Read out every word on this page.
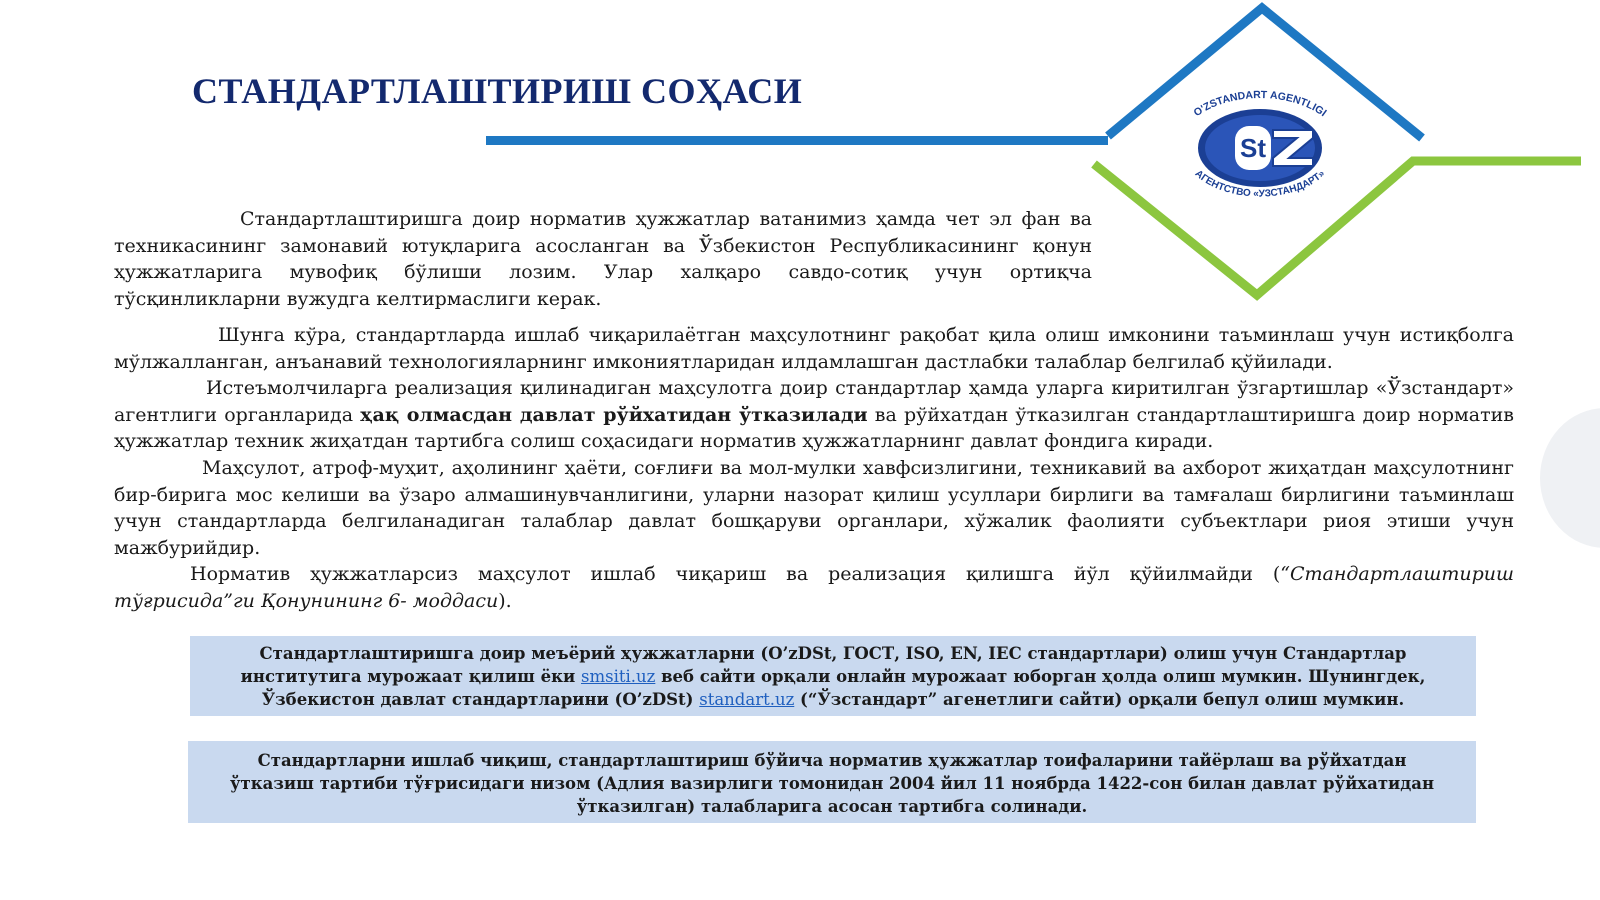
СТАНДАРТЛАШТИРИШ СОҲАСИ
St
O'ZSTANDART AGENTLIGI
АГЕНТСТВО «УЗСТАНДАРТ»

Стандартлаштиришга доир норматив ҳужжатлар ватанимиз ҳамда чет эл фан ва техникасининг замонавий ютуқларига асосланган ва Ўзбекистон Республикасининг қонун ҳужжатларига мувофиқ бўлиши лозим. Улар халқаро савдо-сотиқ учун ортиқча тўсқинликларни вужудга келтирмаслиги керак.

Шунга кўра, стандартларда ишлаб чиқарилаётган маҳсулотнинг рақобат қила олиш имконини таъминлаш учун истиқболга мўлжалланган, анъанавий технологияларнинг имкониятларидан илдамлашган дастлабки талаблар белгилаб қўйилади.
Истеъмолчиларга реализация қилинадиган маҳсулотга доир стандартлар ҳамда уларга киритилган ўзгартишлар «Ўзстандарт» агентлиги органларида ҳақ олмасдан давлат рўйхатидан ўтказилади ва рўйхатдан ўтказилган стандартлаштиришга доир норматив ҳужжатлар техник жиҳатдан тартибга солиш соҳасидаги норматив ҳужжатларнинг давлат фондига киради.
Маҳсулот, атроф-муҳит, аҳолининг ҳаёти, соғлиғи ва мол-мулки хавфсизлигини, техникавий ва ахборот жиҳатдан маҳсулотнинг бир-бирига мос келиши ва ўзаро алмашинувчанлигини, уларни назорат қилиш усуллари бирлиги ва тамғалаш бирлигини таъминлаш учун стандартларда белгиланадиган талаблар давлат бошқаруви органлари, хўжалик фаолияти субъектлари риоя этиши учун мажбурийдир.
Норматив ҳужжатларсиз маҳсулот ишлаб чиқариш ва реализация қилишга йўл қўйилмайди (“Стандартлаштириш тўғрисида”ги Қонунининг 6- моддаси).
Стандартлаштиришга доир меъёрий ҳужжатларни (O’zDSt, ГОСТ, ISO, EN, IEC стандартлари) олиш учун Стандартлар институтига мурожаат қилиш ёки smsiti.uz веб сайти орқали онлайн мурожаат юборган ҳолда олиш мумкин. Шунингдек, Ўзбекистон давлат стандартларини (O’zDSt) standart.uz (“Ўзстандарт” агенетлиги сайти) орқали бепул олиш мумкин.
Стандартларни ишлаб чиқиш, стандартлаштириш бўйича норматив ҳужжатлар тоифаларини тайёрлаш ва рўйхатдан ўтказиш тартиби тўғрисидаги низом (Адлия вазирлиги томонидан 2004 йил 11 ноябрда 1422-сон билан давлат рўйхатидан ўтказилган) талабларига асосан тартибга солинади.
